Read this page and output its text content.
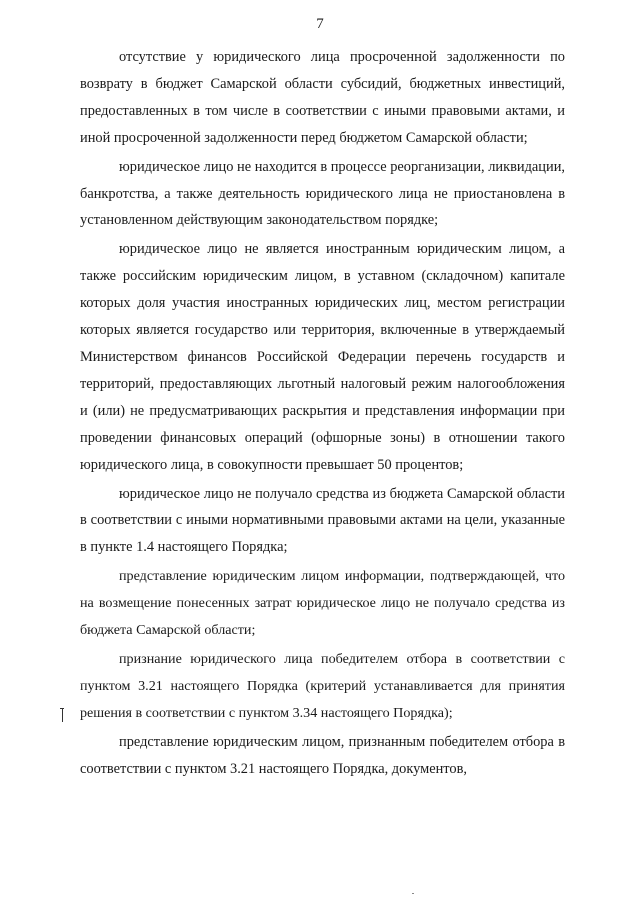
7

отсутствие у юридического лица просроченной задолженности по возврату в бюджет Самарской области субсидий, бюджетных инвестиций, предоставленных в том числе в соответствии с иными правовыми актами, и иной просроченной задолженности перед бюджетом Самарской области;

юридическое лицо не находится в процессе реорганизации, ликвидации, банкротства, а также деятельность юридического лица не приостановлена в установленном действующим законодательством порядке;

юридическое лицо не является иностранным юридическим лицом, а также российским юридическим лицом, в уставном (складочном) капитале которых доля участия иностранных юридических лиц, местом регистрации которых является государство или территория, включенные в утверждаемый Министерством финансов Российской Федерации перечень государств и территорий, предоставляющих льготный налоговый режим налогообложения и (или) не предусматривающих раскрытия и представления информации при проведении финансовых операций (офшорные зоны) в отношении такого юридического лица, в совокупности превышает 50 процентов;

юридическое лицо не получало средства из бюджета Самарской области в соответствии с иными нормативными правовыми актами на цели, указанные в пункте 1.4 настоящего Порядка;

представление юридическим лицом информации, подтверждающей, что на возмещение понесенных затрат юридическое лицо не получало средства из бюджета Самарской области;

признание юридического лица победителем отбора в соответствии с пунктом 3.21 настоящего Порядка (критерий устанавливается для принятия решения в соответствии с пунктом 3.34 настоящего Порядка);

представление юридическим лицом, признанным победителем отбора в соответствии с пунктом 3.21 настоящего Порядка, документов,
